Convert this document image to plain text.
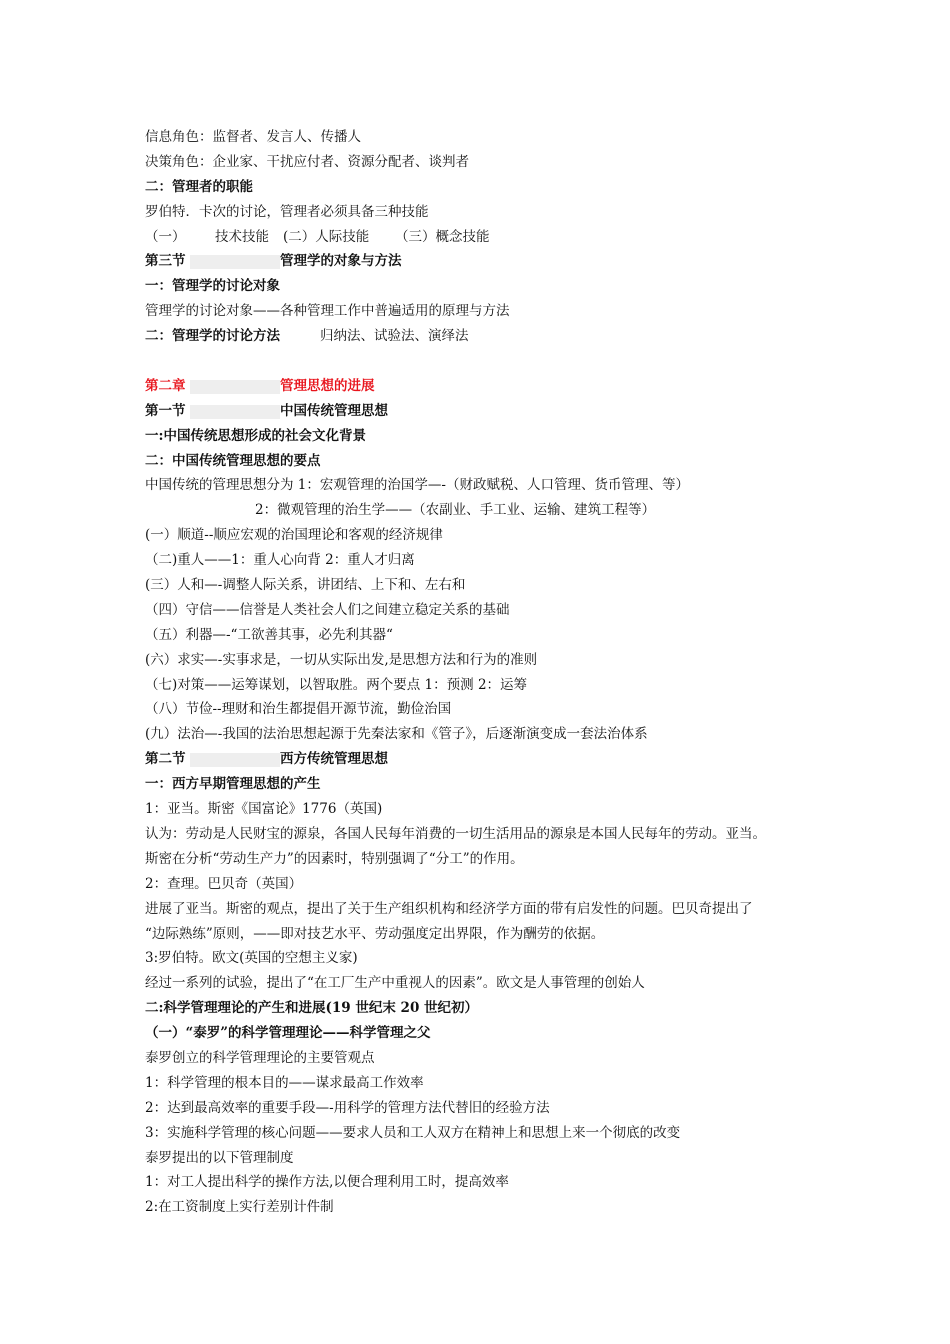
信息角色：监督者、发言人、传播人
决策角色：企业家、干扰应付者、资源分配者、谈判者
二：管理者的职能
罗伯特．卡次的讨论，管理者必须具备三种技能
（一） 技术技能 (二）人际技能 （三）概念技能
第三节	管理学的对象与方法
一：管理学的讨论对象
管理学的讨论对象——各种管理工作中普遍适用的原理与方法
二：管理学的讨论方法	归纳法、试验法、演绎法
第二章	管理思想的进展
第一节	中国传统管理思想
一:中国传统思想形成的社会文化背景
二：中国传统管理思想的要点
中国传统的管理思想分为 1：宏观管理的治国学—-（财政赋税、人口管理、货币管理、等）
2：微观管理的治生学——（农副业、手工业、运输、建筑工程等）
(一）顺道--顺应宏观的治国理论和客观的经济规律
（二)重人——1：重人心向背 2：重人才归离
(三）人和—-调整人际关系，讲团结、上下和、左右和
（四）守信——信誉是人类社会人们之间建立稳定关系的基础
（五）利器—-“工欲善其事，必先利其器“
(六）求实—-实事求是，一切从实际出发,是思想方法和行为的准则
（七)对策——运筹谋划，以智取胜。两个要点 1：预测 2：运筹
（八）节俭--理财和治生都提倡开源节流，勤俭治国
(九）法治—-我国的法治思想起源于先秦法家和《管子》，后逐渐演变成一套法治体系
第二节	西方传统管理思想
一：西方早期管理思想的产生
1：亚当。斯密《国富论》1776（英国)
认为：劳动是人民财宝的源泉，各国人民每年消费的一切生活用品的源泉是本国人民每年的劳动。亚当。
斯密在分析“劳动生产力”的因素时，特别强调了“分工”的作用。
2：查理。巴贝奇（英国）
进展了亚当。斯密的观点，提出了关于生产组织机构和经济学方面的带有启发性的问题。巴贝奇提出了
“边际熟练”原则，——即对技艺水平、劳动强度定出界限，作为酬劳的依据。
3:罗伯特。欧文(英国的空想主义家)
经过一系列的试验，提出了“在工厂生产中重视人的因素”。欧文是人事管理的创始人
二:科学管理理论的产生和进展(19 世纪末 20 世纪初）
（一）“泰罗”的科学管理理论——科学管理之父
泰罗创立的科学管理理论的主要管观点
1：科学管理的根本目的——谋求最高工作效率
2：达到最高效率的重要手段—-用科学的管理方法代替旧的经验方法
3：实施科学管理的核心问题——要求人员和工人双方在精神上和思想上来一个彻底的改变
泰罗提出的以下管理制度
1：对工人提出科学的操作方法,以便合理利用工时，提高效率
2:在工资制度上实行差别计件制
